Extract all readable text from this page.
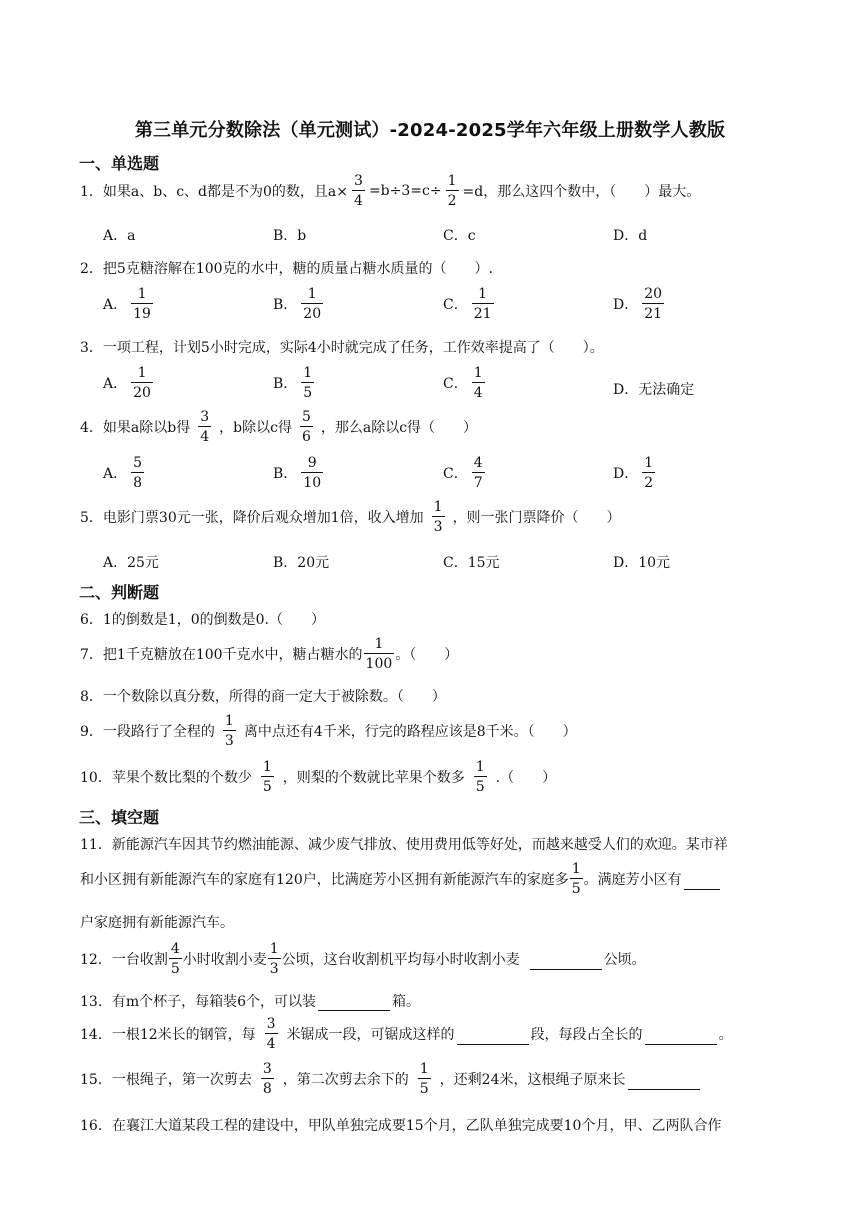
第三单元分数除法（单元测试）-2024-2025学年六年级上册数学人教版
一、单选题
1．如果a、b、c、d都是不为0的数，且$a\times \frac{3}{4} =b\div 3=c\div \frac{1}{2} =d$，那么这四个数中，（　　）最大。
A．a	B．b	C．c	D．d
2．把5克糖溶解在100克的水中，糖的质量占糖水质量的（　　）.
A． $\frac{1}{19}$	B． $\frac{1}{20}$	C． $\frac{1}{21}$	D． $\frac{20}{21}$
3．一项工程，计划5小时完成，实际4小时就完成了任务，工作效率提高了（　　）。
A． $\frac{1}{20}$	B． $\frac{1}{5}$	C． $\frac{1}{4}$	D．无法确定
4．如果a除以b得 $\frac{3}{4}$ ，b除以c得 $\frac{5}{6}$ ，那么a除以c得（　　）
A． $\frac{5}{8}$	B． $\frac{9}{10}$	C． $\frac{4}{7}$	D． $\frac{1}{2}$
5．电影门票30元一张，降价后观众增加1倍，收入增加 $\frac{1}{3}$ ，则一张门票降价（　　）
A．25元	B．20元	C．15元	D．10元
二、判断题
6．1的倒数是1，0的倒数是0.（　　）
7．把1千克糖放在100千克水中，糖占糖水的 $\frac{1}{100}$ 。（　　）
8．一个数除以真分数，所得的商一定大于被除数。（　　）
9．一段路行了全程的 $\frac{1}{3}$ 离中点还有4千米，行完的路程应该是8千米。（　　）
10．苹果个数比梨的个数少 $\frac{1}{5}$ ，则梨的个数就比苹果个数多 $\frac{1}{5}$ .（　　）
三、填空题
11．新能源汽车因其节约燃油能源、减少废气排放、使用费用低等好处，而越来越受人们的欢迎。某市祥
和小区拥有新能源汽车的家庭有120户，比满庭芳小区拥有新能源汽车的家庭多 $\frac{1}{5}$ 。满庭芳小区有
户家庭拥有新能源汽车。
12．一台收割 $\frac{4}{5}$ 小时收割小麦 $\frac{1}{3}$ 公顷，这台收割机平均每小时收割小麦	公顷。
13．有m个杯子，每箱装6个，可以装	箱。
14．一根12米长的钢管，每 $\frac{3}{4}$ 米锯成一段，可锯成这样的	段，每段占全长的	。
15．一根绳子，第一次剪去 $\frac{3}{8}$ ，第二次剪去余下的 $\frac{1}{5}$ ，还剩24米，这根绳子原来长
16．在襄江大道某段工程的建设中，甲队单独完成要15个月，乙队单独完成要10个月，甲、乙两队合作
